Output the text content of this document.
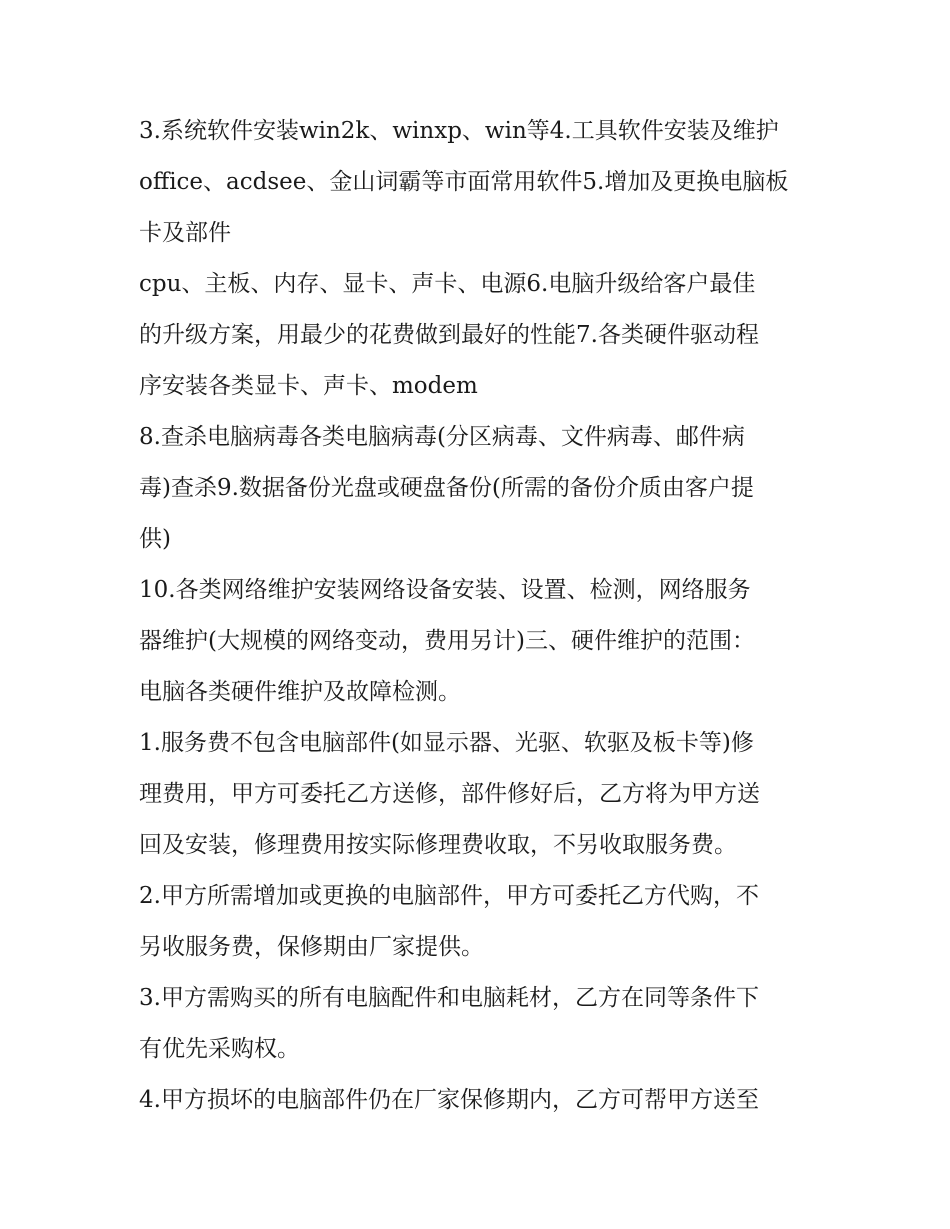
3.系统软件安装win2k、winxp、win等4.工具软件安装及维护

office、acdsee、金山词霸等市面常用软件5.增加及更换电脑板

卡及部件

cpu、主板、内存、显卡、声卡、电源6.电脑升级给客户最佳

的升级方案，用最少的花费做到最好的性能7.各类硬件驱动程

序安装各类显卡、声卡、modem

8.查杀电脑病毒各类电脑病毒(分区病毒、文件病毒、邮件病

毒)查杀9.数据备份光盘或硬盘备份(所需的备份介质由客户提

供)

10.各类网络维护安装网络设备安装、设置、检测，网络服务

器维护(大规模的网络变动，费用另计)三、硬件维护的范围：

电脑各类硬件维护及故障检测。

1.服务费不包含电脑部件(如显示器、光驱、软驱及板卡等)修

理费用，甲方可委托乙方送修，部件修好后，乙方将为甲方送

回及安装，修理费用按实际修理费收取，不另收取服务费。

2.甲方所需增加或更换的电脑部件，甲方可委托乙方代购，不

另收服务费，保修期由厂家提供。

3.甲方需购买的所有电脑配件和电脑耗材，乙方在同等条件下

有优先采购权。

4.甲方损坏的电脑部件仍在厂家保修期内，乙方可帮甲方送至
